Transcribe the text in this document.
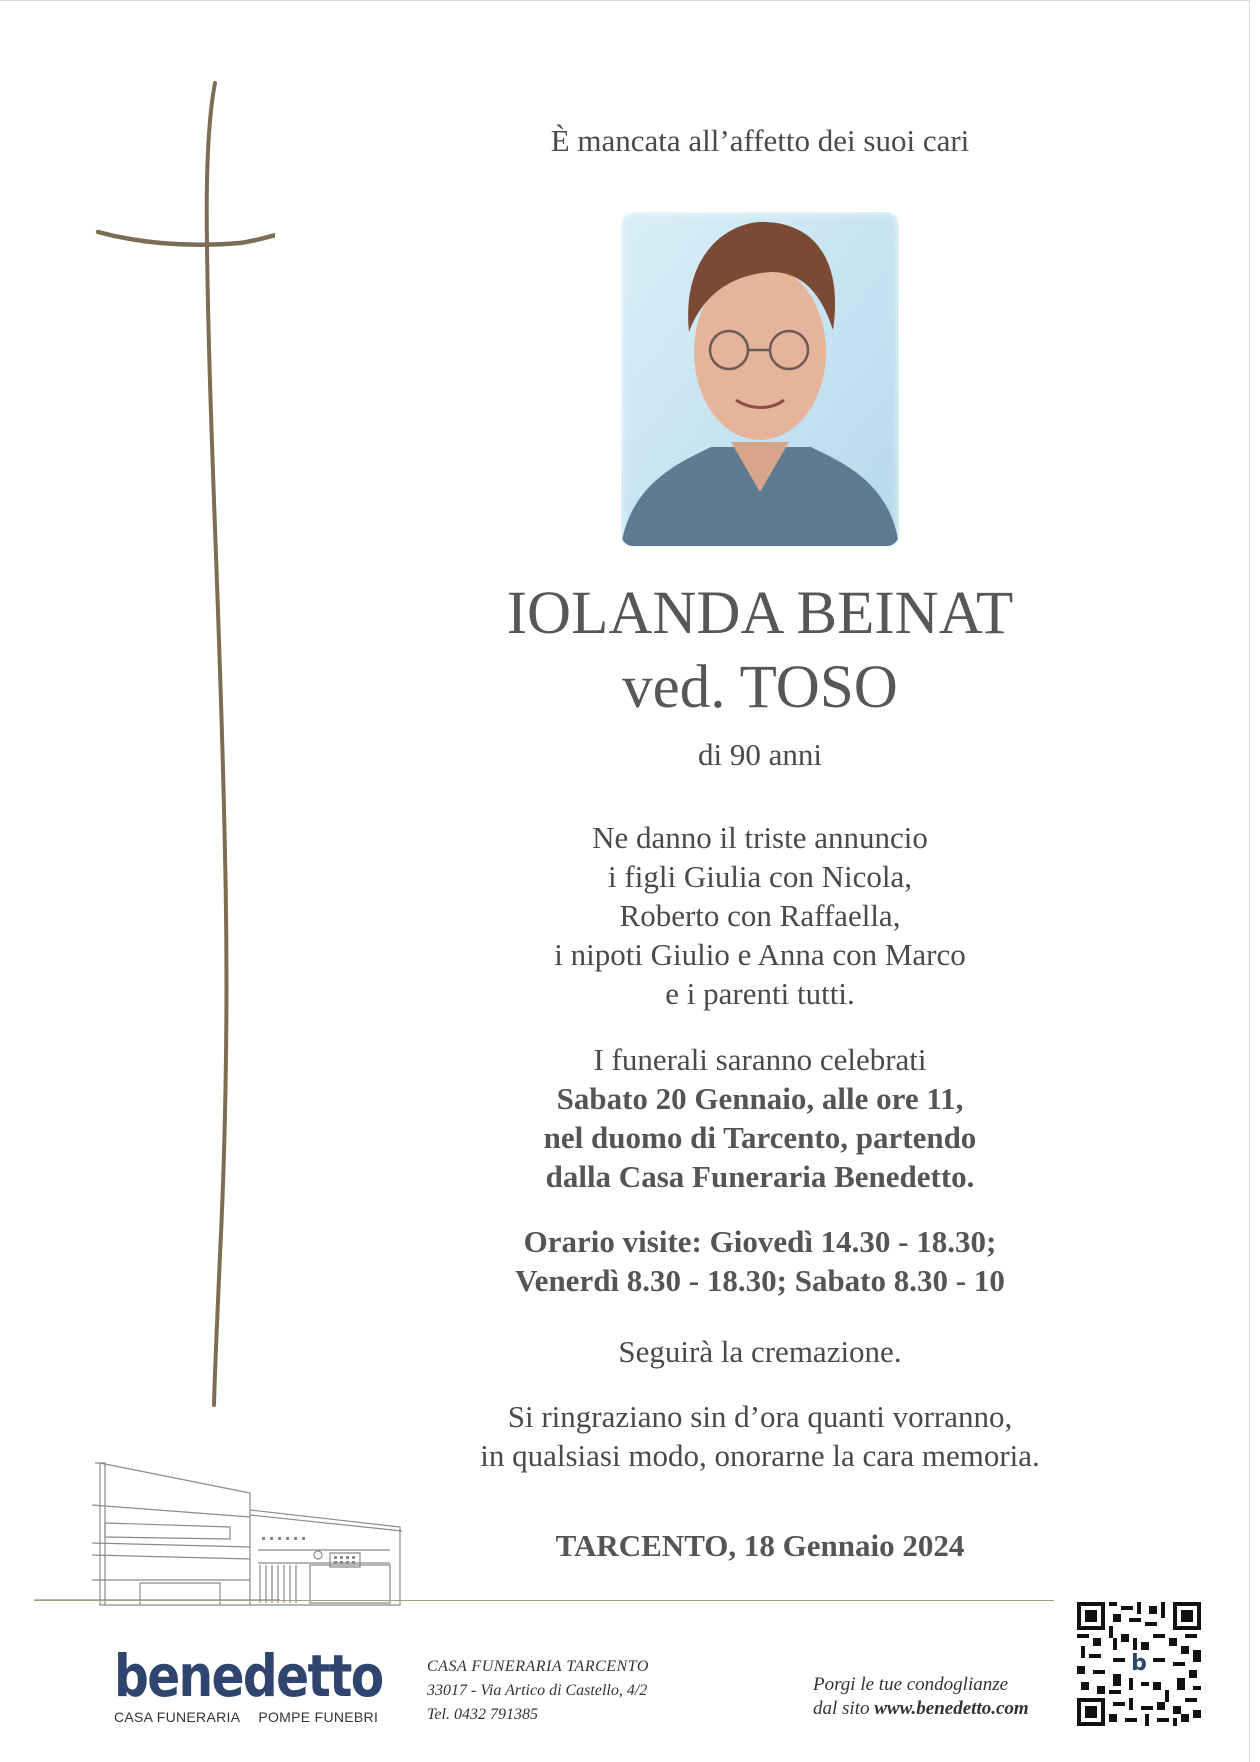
È mancata all’affetto dei suoi cari
IOLANDA BEINAT
ved. TOSO
di 90 anni
Ne danno il triste annuncio
i figli Giulia con Nicola,
Roberto con Raffaella,
i nipoti Giulio e Anna con Marco
e i parenti tutti.
I funerali saranno celebrati
Sabato 20 Gennaio, alle ore 11,
nel duomo di Tarcento, partendo
dalla Casa Funeraria Benedetto.
Orario visite: Giovedì 14.30 - 18.30;
Venerdì 8.30 - 18.30; Sabato 8.30 - 10
Seguirà la cremazione.
Si ringraziano sin d’ora quanti vorranno,
in qualsiasi modo, onorarne la cara memoria.
TARCENTO, 18 Gennaio 2024
benedetto
CASA FUNERARIA POMPE FUNEBRI
CASA FUNERARIA TARCENTO
33017 - Via Artico di Castello, 4/2
Tel. 0432 791385
Porgi le tue condoglianze
dal sito www.benedetto.com
b
